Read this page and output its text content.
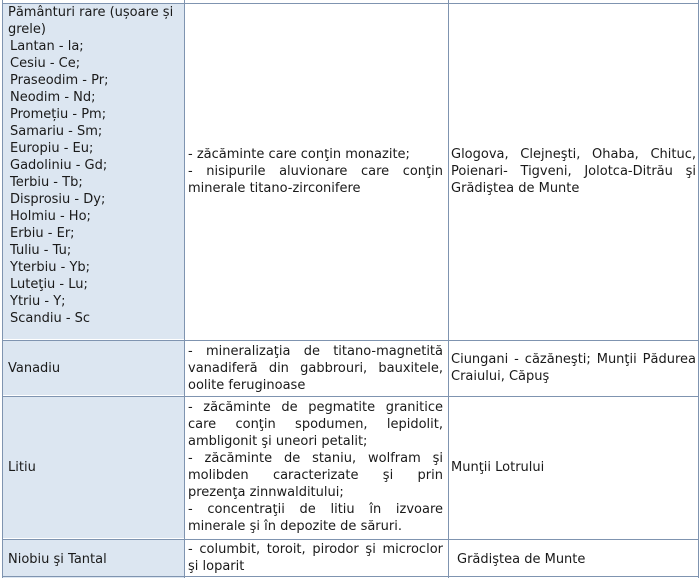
Pământuri rare (ușoare și grele)
Lantan - la;
Cesiu - Ce;
Praseodim - Pr;
Neodim - Nd;
Promețiu - Pm;
Samariu - Sm;
Europiu - Eu;
Gadoliniu - Gd;
Terbiu - Tb;
Disprosiu - Dy;
Holmiu - Ho;
Erbiu - Er;
Tuliu - Tu;
Yterbiu - Yb;
Luteţiu - Lu;
Ytriu - Y;
Scandiu - Sc
- zăcăminte care conţin monazite;
- nisipurile aluvionare care conţin minerale titano-zirconifere
Glogova, Clejneşti, Ohaba, Chituc, Poienari- Tigveni, Jolotca-Ditrău şi Grădiştea de Munte
Vanadiu
- mineralizaţia de titano-magnetită vanadiferă din gabbrouri, bauxitele, oolite feruginoase
Ciungani - căzăneşti; Munţii Pădurea Craiului, Căpuş
Litiu
- zăcăminte de pegmatite granitice care conţin spodumen, lepidolit, ambligonit şi uneori petalit;
- zăcăminte de staniu, wolfram şi molibden caracterizate şi prin prezenţa zinnwalditului;
- concentraţii de litiu în izvoare minerale şi în depozite de săruri.
Munţii Lotrului
Niobiu şi Tantal
- columbit, toroit, pirodor şi microclor şi loparit	Grădiştea de Munte
